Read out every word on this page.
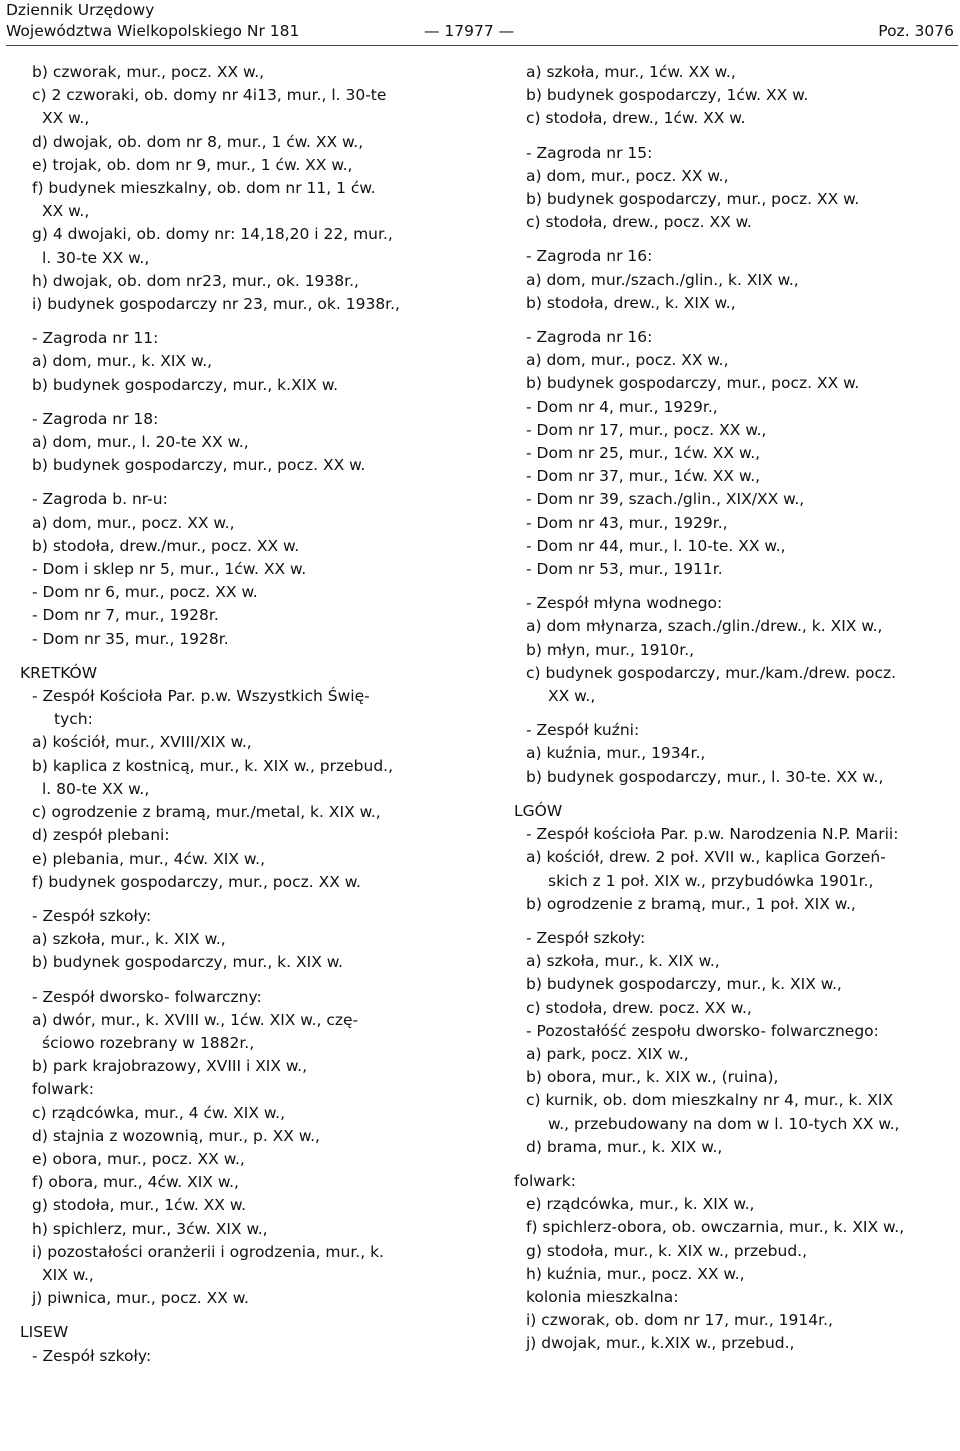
Dziennik Urzędowy
Województwa Wielkopolskiego Nr 181	— 17977 —	Poz. 3076
b) czworak, mur., pocz. XX w.,
c) 2 czworaki, ob. domy nr 4i13, mur., l. 30-te
XX w.,
d) dwojak, ob. dom nr 8, mur., 1 ćw. XX w.,
e) trojak, ob. dom nr 9, mur., 1 ćw. XX w.,
f) budynek mieszkalny, ob. dom nr 11, 1 ćw.
XX w.,
g) 4 dwojaki, ob. domy nr: 14,18,20 i 22, mur.,
l. 30-te XX w.,
h) dwojak, ob. dom nr23, mur., ok. 1938r.,
i) budynek gospodarczy nr 23, mur., ok. 1938r.,
- Zagroda nr 11:
a) dom, mur., k. XIX w.,
b) budynek gospodarczy, mur., k.XIX w.
- Zagroda nr 18:
a) dom, mur., l. 20-te XX w.,
b) budynek gospodarczy, mur., pocz. XX w.
- Zagroda b. nr-u:
a) dom, mur., pocz. XX w.,
b) stodoła, drew./mur., pocz. XX w.
- Dom i sklep nr 5, mur., 1ćw. XX w.
- Dom nr 6, mur., pocz. XX w.
- Dom nr 7, mur., 1928r.
- Dom nr 35, mur., 1928r.
KRETKÓW
- Zespół Kościoła Par. p.w. Wszystkich Świę-
tych:
a) kościół, mur., XVIII/XIX w.,
b) kaplica z kostnicą, mur., k. XIX w., przebud.,
l. 80-te XX w.,
c) ogrodzenie z bramą, mur./metal, k. XIX w.,
d) zespół plebani:
e) plebania, mur., 4ćw. XIX w.,
f) budynek gospodarczy, mur., pocz. XX w.
- Zespół szkoły:
a) szkoła, mur., k. XIX w.,
b) budynek gospodarczy, mur., k. XIX w.
- Zespół dworsko- folwarczny:
a) dwór, mur., k. XVIII w., 1ćw. XIX w., czę-
ściowo rozebrany w 1882r.,
b) park krajobrazowy, XVIII i XIX w.,
folwark:
c) rządcówka, mur., 4 ćw. XIX w.,
d) stajnia z wozownią, mur., p. XX w.,
e) obora, mur., pocz. XX w.,
f) obora, mur., 4ćw. XIX w.,
g) stodoła, mur., 1ćw. XX w.
h) spichlerz, mur., 3ćw. XIX w.,
i) pozostałości oranżerii i ogrodzenia, mur., k.
XIX w.,
j) piwnica, mur., pocz. XX w.
LISEW
- Zespół szkoły:
a) szkoła, mur., 1ćw. XX w.,
b) budynek gospodarczy, 1ćw. XX w.
c) stodoła, drew., 1ćw. XX w.
- Zagroda nr 15:
a) dom, mur., pocz. XX w.,
b) budynek gospodarczy, mur., pocz. XX w.
c) stodoła, drew., pocz. XX w.
- Zagroda nr 16:
a) dom, mur./szach./glin., k. XIX w.,
b) stodoła, drew., k. XIX w.,
- Zagroda nr 16:
a) dom, mur., pocz. XX w.,
b) budynek gospodarczy, mur., pocz. XX w.
- Dom nr 4, mur., 1929r.,
- Dom nr 17, mur., pocz. XX w.,
- Dom nr 25, mur., 1ćw. XX w.,
- Dom nr 37, mur., 1ćw. XX w.,
- Dom nr 39, szach./glin., XIX/XX w.,
- Dom nr 43, mur., 1929r.,
- Dom nr 44, mur., l. 10-te. XX w.,
- Dom nr 53, mur., 1911r.
- Zespół młyna wodnego:
a) dom młynarza, szach./glin./drew., k. XIX w.,
b) młyn, mur., 1910r.,
c) budynek gospodarczy, mur./kam./drew. pocz.
XX w.,
- Zespół kuźni:
a) kuźnia, mur., 1934r.,
b) budynek gospodarczy, mur., l. 30-te. XX w.,
LGÓW
- Zespół kościoła Par. p.w. Narodzenia N.P. Marii:
a) kościół, drew. 2 poł. XVII w., kaplica Gorzeń-
skich z 1 poł. XIX w., przybudówka 1901r.,
b) ogrodzenie z bramą, mur., 1 poł. XIX w.,
- Zespół szkoły:
a) szkoła, mur., k. XIX w.,
b) budynek gospodarczy, mur., k. XIX w.,
c) stodoła, drew. pocz. XX w.,
- Pozostałóść zespołu dworsko- folwarcznego:
a) park, pocz. XIX w.,
b) obora, mur., k. XIX w., (ruina),
c) kurnik, ob. dom mieszkalny nr 4, mur., k. XIX
w., przebudowany na dom w l. 10-tych XX w.,
d) brama, mur., k. XIX w.,
folwark:
e) rządcówka, mur., k. XIX w.,
f) spichlerz-obora, ob. owczarnia, mur., k. XIX w.,
g) stodoła, mur., k. XIX w., przebud.,
h) kuźnia, mur., pocz. XX w.,
kolonia mieszkalna:
i) czworak, ob. dom nr 17, mur., 1914r.,
j) dwojak, mur., k.XIX w., przebud.,
